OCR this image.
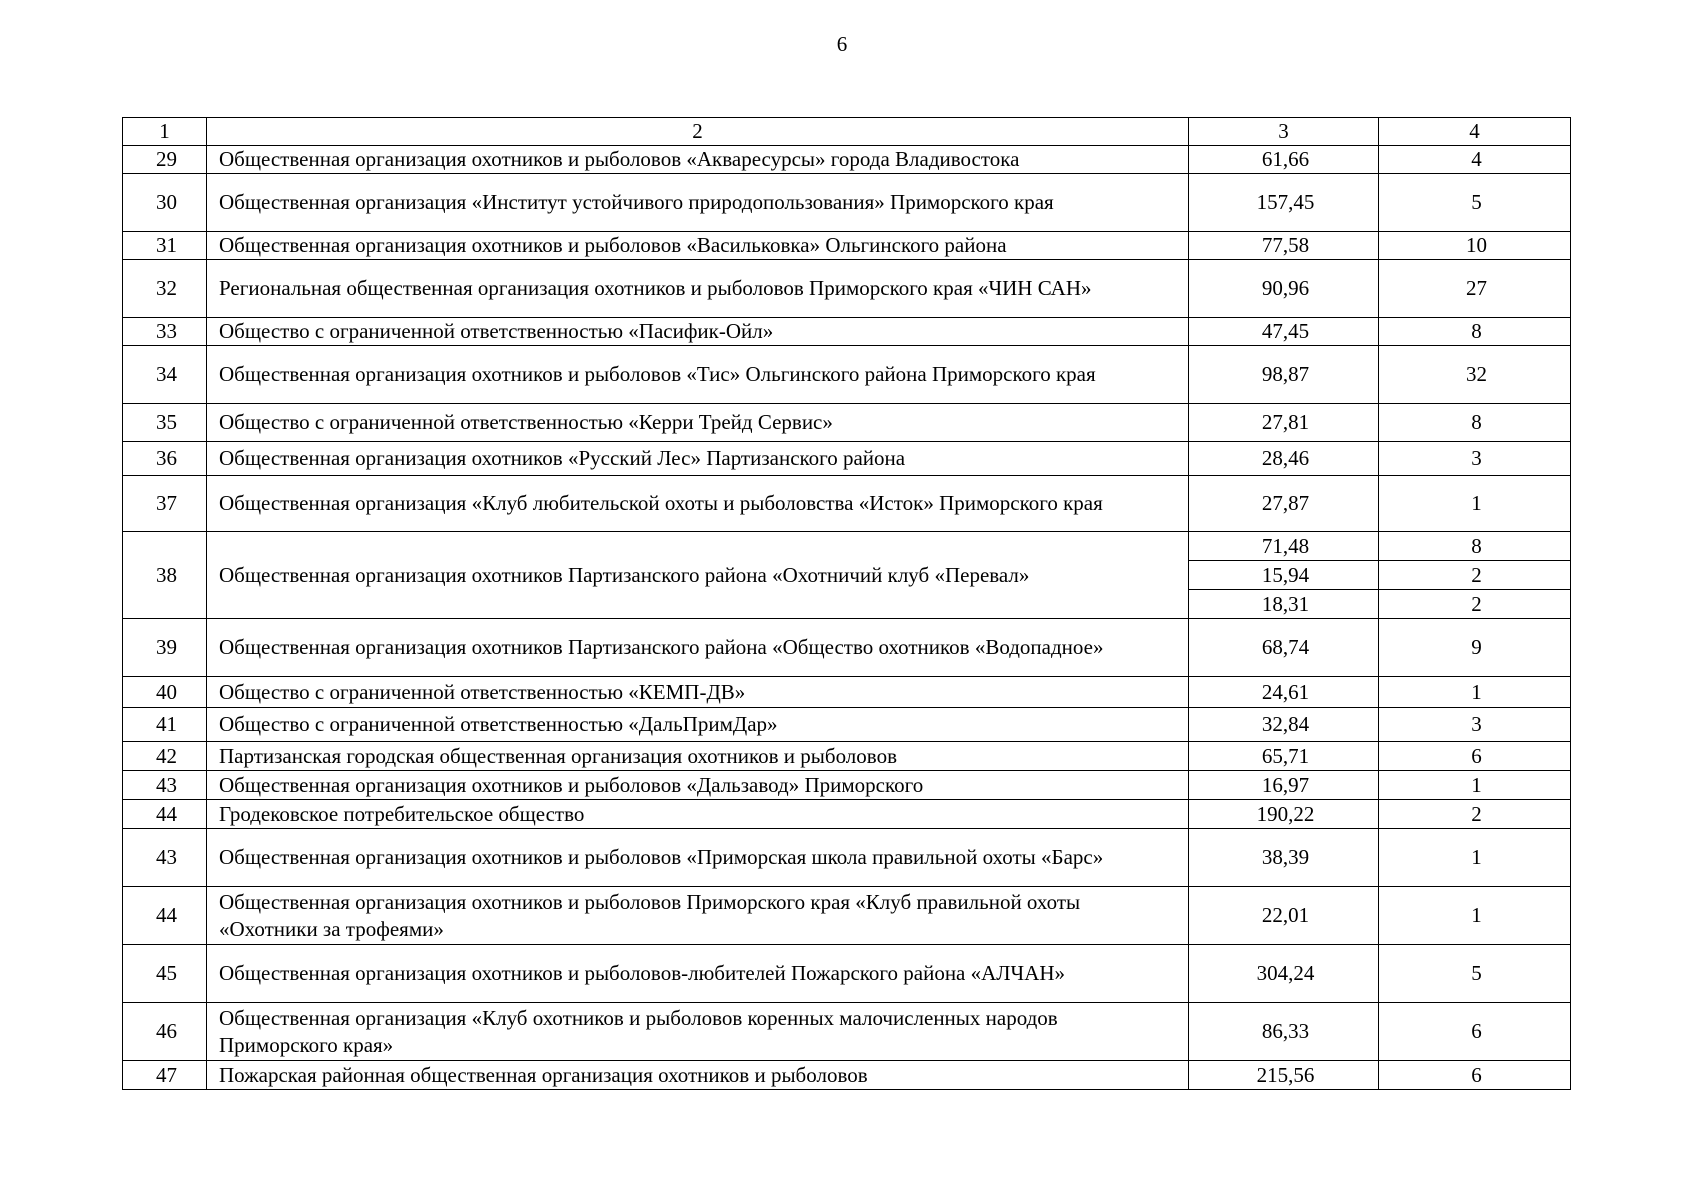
6
1	2	3	4
29	Общественная организация охотников и рыболовов «Акваресурсы» города Владивостока	61,66	4
30	Общественная организация «Институт устойчивого природопользования» Приморского края	157,45	5
31	Общественная организация охотников и рыболовов «Васильковка» Ольгинского района	77,58	10
32	Региональная общественная организация охотников и рыболовов Приморского края «ЧИН САН»	90,96	27
33	Общество с ограниченной ответственностью «Пасифик-Ойл»	47,45	8
34	Общественная организация охотников и рыболовов «Тис» Ольгинского района Приморского края	98,87	32
35	Общество с ограниченной ответственностью «Керри Трейд Сервис»	27,81	8
36	Общественная организация охотников «Русский Лес» Партизанского района	28,46	3
37	Общественная организация «Клуб любительской охоты и рыболовства «Исток» Приморского края	27,87	1
38	Общественная организация охотников Партизанского района «Охотничий клуб «Перевал»	71,48	8
		15,94	2
		18,31	2
39	Общественная организация охотников Партизанского района «Общество охотников «Водопадное»	68,74	9
40	Общество с ограниченной ответственностью «КЕМП-ДВ»	24,61	1
41	Общество с ограниченной ответственностью «ДальПримДар»	32,84	3
42	Партизанская городская общественная организация охотников и рыболовов	65,71	6
43	Общественная организация охотников и рыболовов «Дальзавод» Приморского	16,97	1
44	Гродековское потребительское общество	190,22	2
43	Общественная организация охотников и рыболовов «Приморская школа правильной охоты «Барс»	38,39	1
44	Общественная организация охотников и рыболовов Приморского края «Клуб правильной охоты «Охотники за трофеями»	22,01	1
45	Общественная организация охотников и рыболовов-любителей Пожарского района «АЛЧАН»	304,24	5
46	Общественная организация «Клуб охотников и рыболовов коренных малочисленных народов Приморского края»	86,33	6
47	Пожарская районная общественная организация охотников и рыболовов	215,56	6
